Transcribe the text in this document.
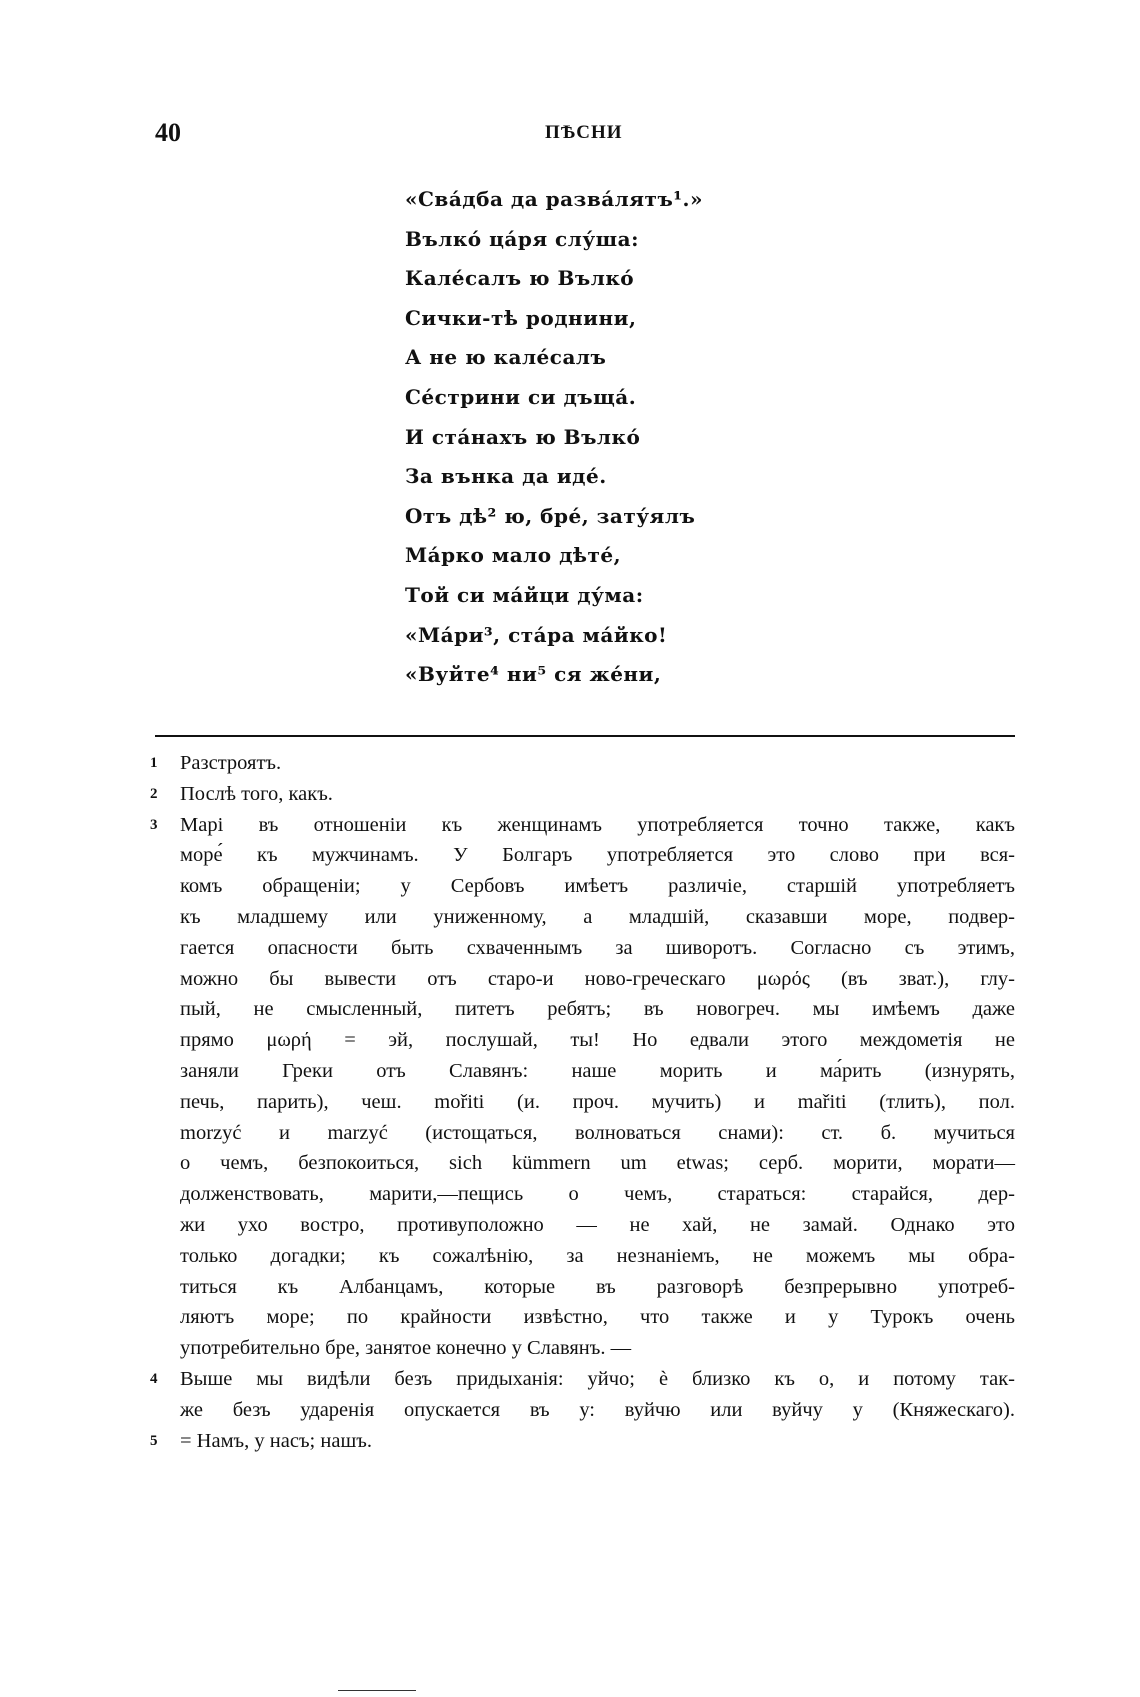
40	ПѢСНИ
«Сва́дба да разва́лятъ¹.»
Вълко́ ца́ря слу́ша:
Кале́салъ ю Вълко́
Сички-тѣ роднини,
А не ю кале́салъ
Се́стрини си дъща́.
И ста́нахъ ю Вълко́
За вънка да иде́.
Отъ дѣ² ю, бре́, зату́ялъ
Ма́рко мало дѣте́,
Той си ма́йци ду́ма:
«Ма́ри³, ста́ра ма́йко!
«Вуйте⁴ ни⁵ ся же́ни,
1	Разстроятъ.
2	Послѣ того, какъ.
3	Марі въ отношеніи къ женщинамъ употребляется точно также, какъ
море́ къ мужчинамъ. У Болгаръ употребляется это слово при вся-
комъ обращеніи; у Сербовъ имѣетъ различіе, старшій употребляетъ
къ младшему или униженному, а младшій, сказавши море, подвер-
гается опасности быть схваченнымъ за шиворотъ. Согласно съ этимъ,
можно бы вывести отъ старо-и ново-греческаго μωρός (въ зват.), глу-
пый, не смысленный, питетъ ребятъ; въ новогреч. мы имѣемъ даже
прямо μωρή = эй, послушай, ты! Но едвали этого междометія не
заняли Греки отъ Славянъ: наше морить и ма́рить (изнурять,
печь, парить), чеш. mořiti (и. проч. мучить) и mařiti (тлить), пол.
morzyć и marzyć (истощаться, волноваться снами): ст. б. мучиться
о чемъ, безпокоиться, sich kümmern um etwas; серб. морити, морати—
долженствовать, марити,—пещись о чемъ, стараться: старайся, дер-
жи ухо востро, противуположно — не хай, не замай. Однако это
только догадки; къ сожалѣнію, за незнаніемъ, не можемъ мы обра-
титься къ Албанцамъ, которые въ разговорѣ безпрерывно употреб-
ляютъ море; по крайности извѣстно, что также и у Турокъ очень
употребительно бре, занятое конечно у Славянъ. —
4	Выше мы видѣли безъ придыханія: уйчо; ѐ близко къ о, и потому так-
же безъ ударенія опускается въ у: вуйчю или вуйчу у (Княжескаго).
5	= Намъ, у насъ; нашъ.
